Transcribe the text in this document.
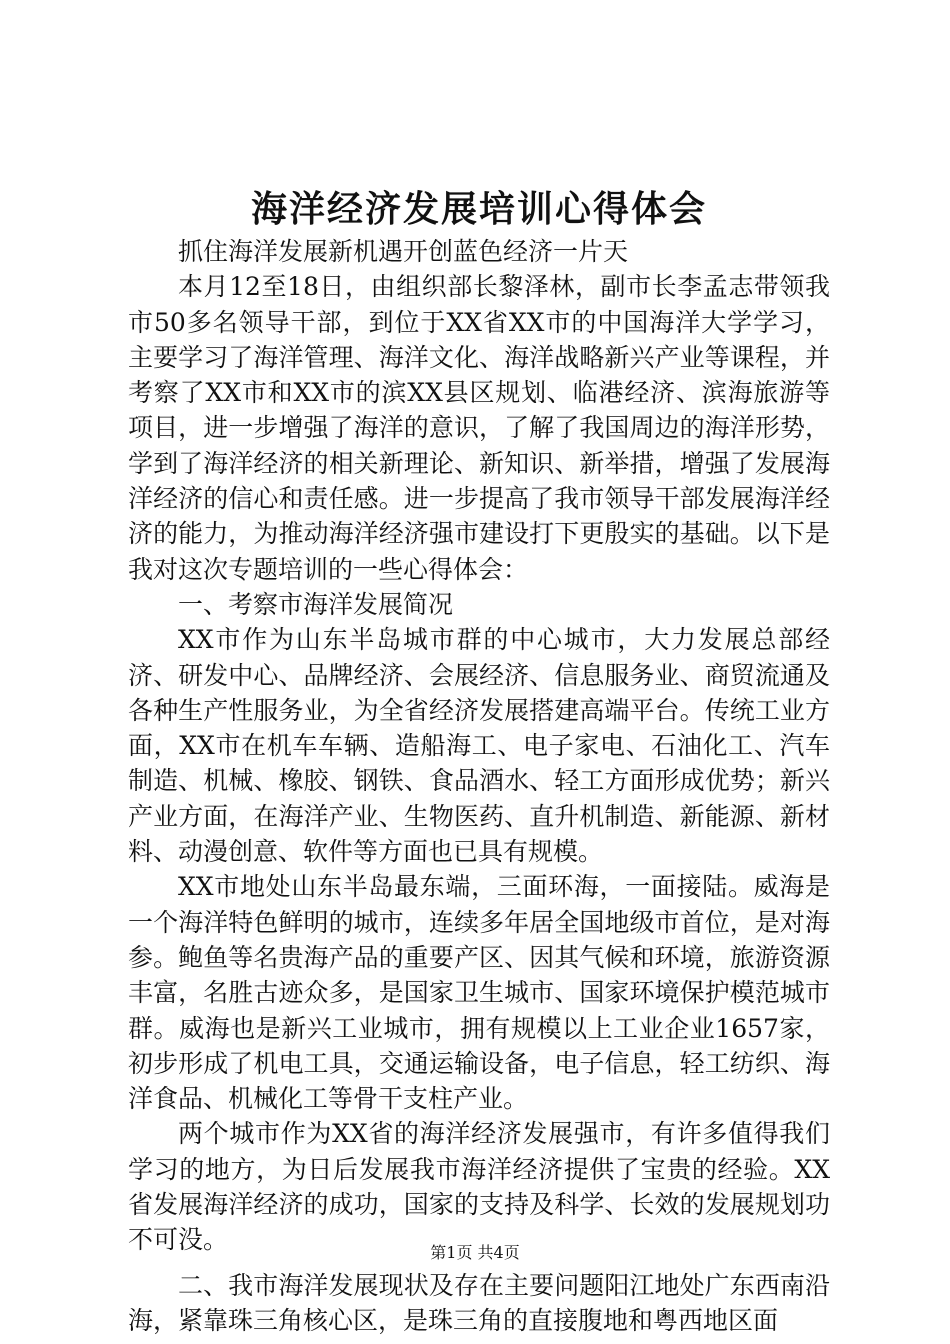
海洋经济发展培训心得体会

抓住海洋发展新机遇开创蓝色经济一片天

本月12至18日，由组织部长黎泽林，副市长李孟志带领我市50多名领导干部，到位于XX省XX市的中国海洋大学学习，主要学习了海洋管理、海洋文化、海洋战略新兴产业等课程，并考察了XX市和XX市的滨XX县区规划、临港经济、滨海旅游等项目，进一步增强了海洋的意识，了解了我国周边的海洋形势，学到了海洋经济的相关新理论、新知识、新举措，增强了发展海洋经济的信心和责任感。进一步提高了我市领导干部发展海洋经济的能力，为推动海洋经济强市建设打下更殷实的基础。以下是我对这次专题培训的一些心得体会：

一、考察市海洋发展简况

XX市作为山东半岛城市群的中心城市，大力发展总部经济、研发中心、品牌经济、会展经济、信息服务业、商贸流通及各种生产性服务业，为全省经济发展搭建高端平台。传统工业方面，XX市在机车车辆、造船海工、电子家电、石油化工、汽车制造、机械、橡胶、钢铁、食品酒水、轻工方面形成优势；新兴产业方面，在海洋产业、生物医药、直升机制造、新能源、新材料、动漫创意、软件等方面也已具有规模。

XX市地处山东半岛最东端，三面环海，一面接陆。威海是一个海洋特色鲜明的城市，连续多年居全国地级市首位，是对海参。鲍鱼等名贵海产品的重要产区、因其气候和环境，旅游资源丰富，名胜古迹众多，是国家卫生城市、国家环境保护模范城市群。威海也是新兴工业城市，拥有规模以上工业企业1657家，初步形成了机电工具，交通运输设备，电子信息，轻工纺织、海洋食品、机械化工等骨干支柱产业。

两个城市作为XX省的海洋经济发展强市，有许多值得我们学习的地方，为日后发展我市海洋经济提供了宝贵的经验。XX省发展海洋经济的成功，国家的支持及科学、长效的发展规划功不可没。

二、我市海洋发展现状及存在主要问题阳江地处广东西南沿海，紧靠珠三角核心区，是珠三角的直接腹地和粤西地区面

第1页 共4页
